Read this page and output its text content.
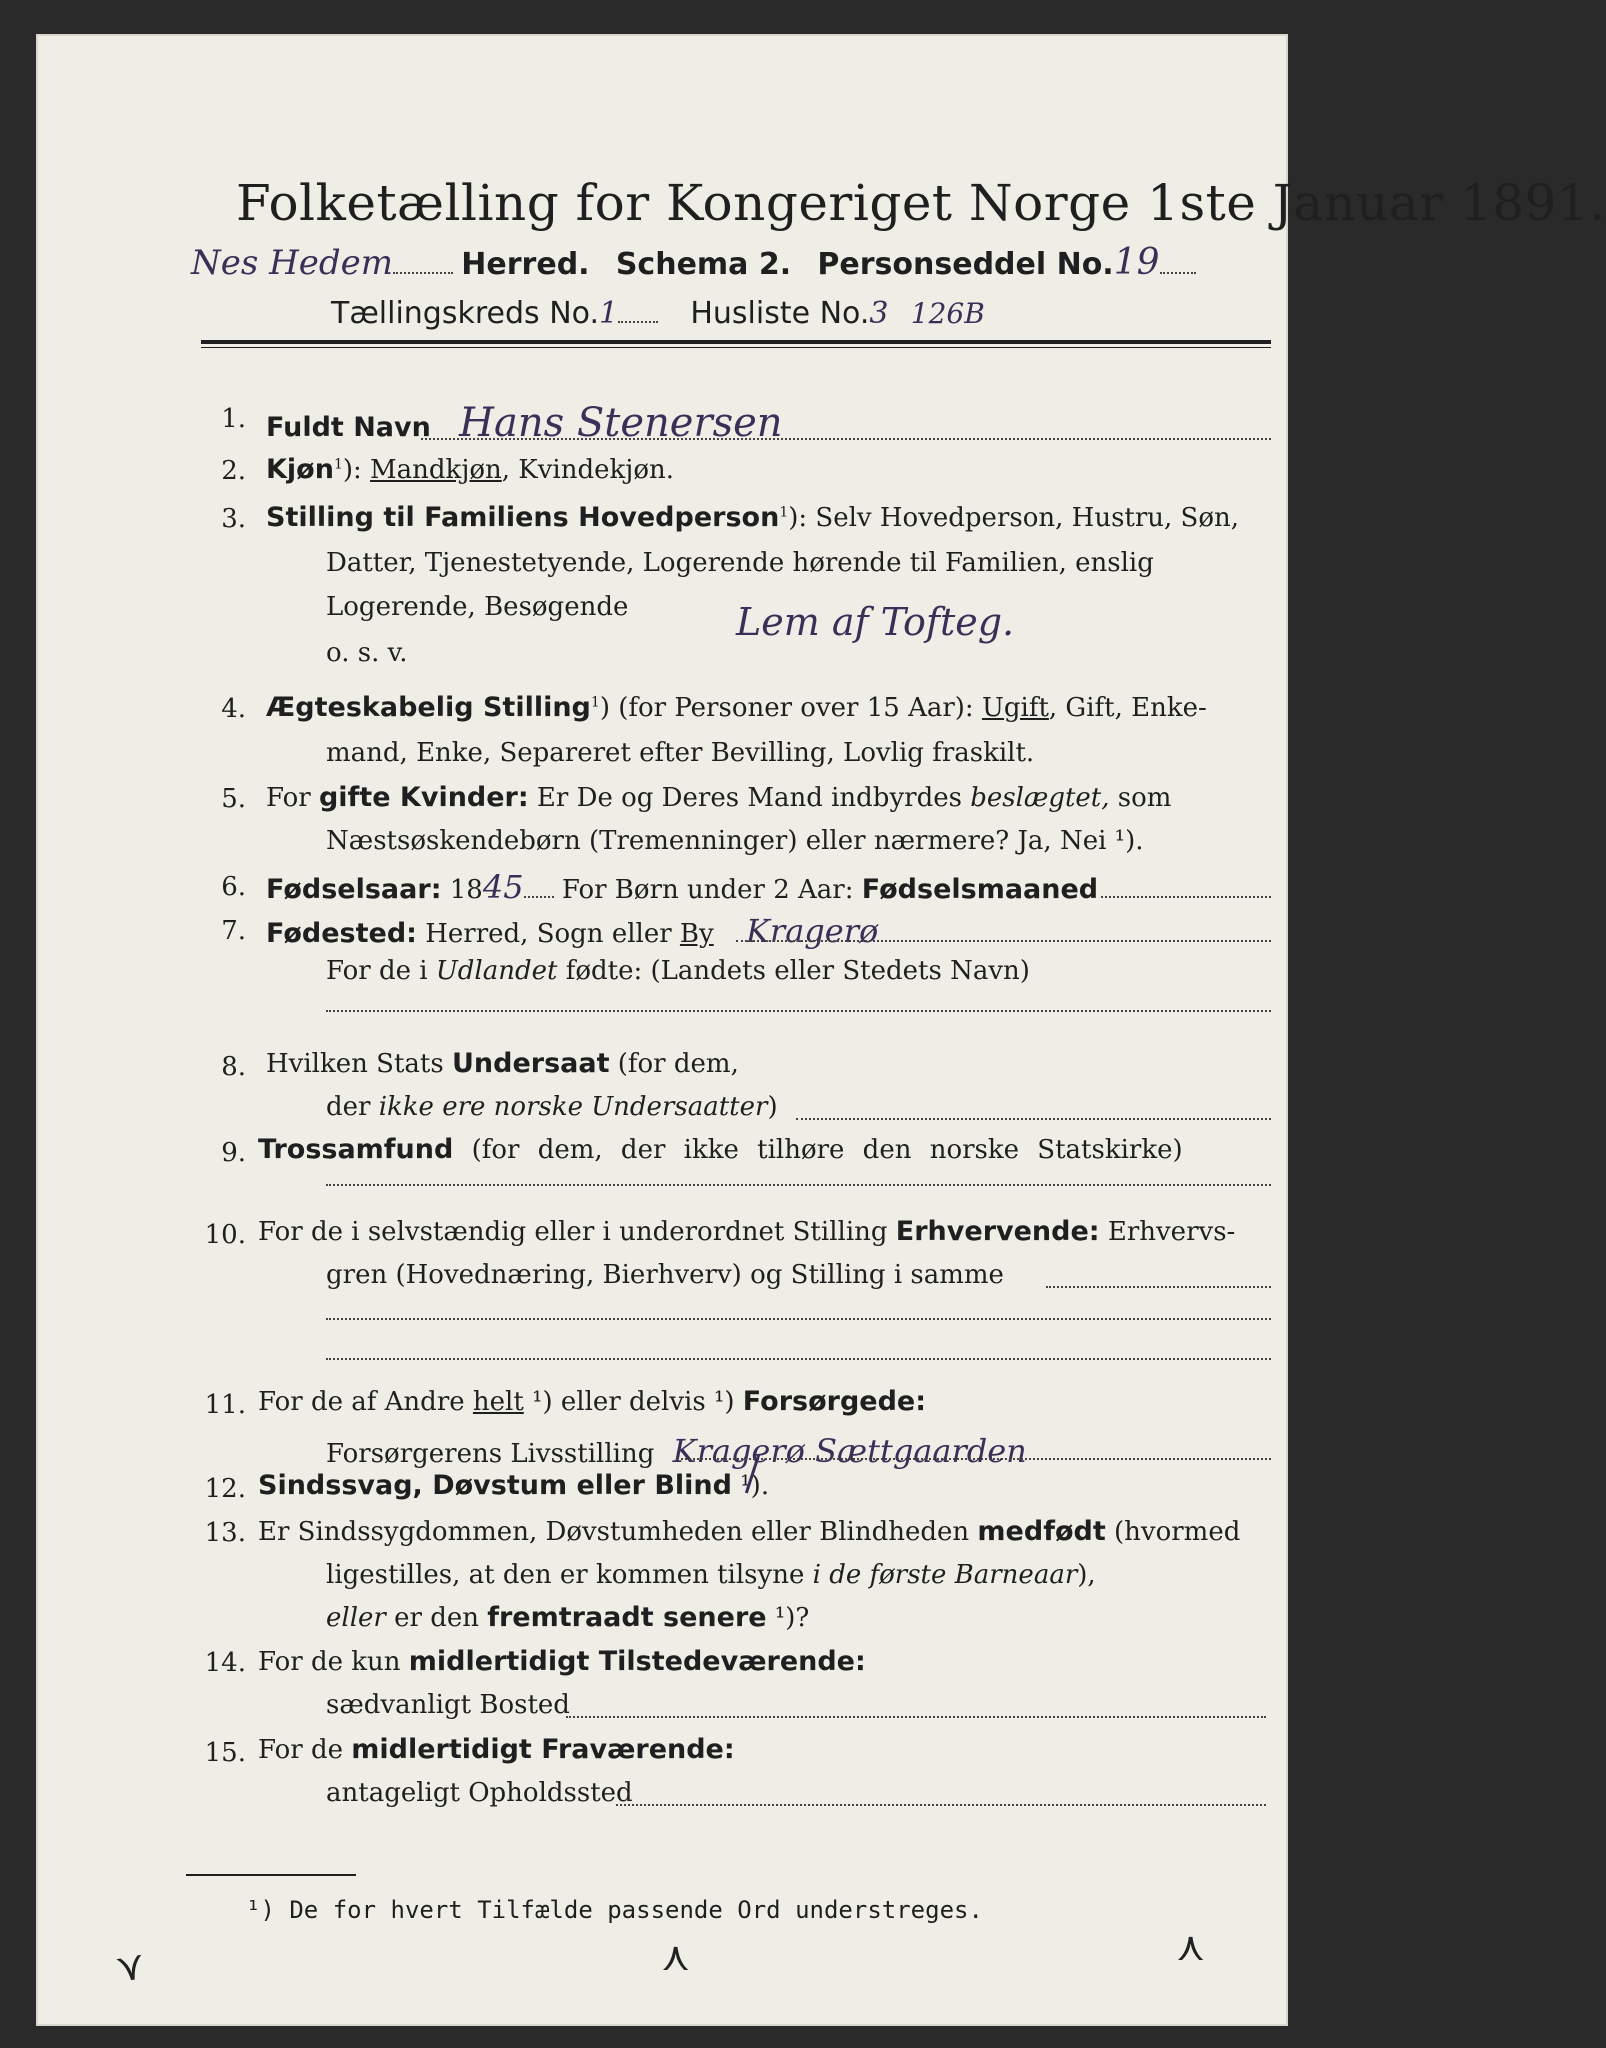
Folketælling for Kongeriget Norge 1ste Januar 1891.
Nes Hedem Herred. Schema 2. Personseddel No.19
Tællingskreds No.1 Husliste No.3 126B
1. Fuldt Navn Hans Stenersen
2. Kjøn$^1$): Mandkjøn, Kvindekjøn.
3. Stilling til Familiens Hovedperson$^1$): Selv Hovedperson, Hustru, Søn,
Datter, Tjenestetyende, Logerende hørende til Familien, enslig
Logerende, Besøgende
o. s. v.
Lem af Tofteg.
4. Ægteskabelig Stilling$^1$) (for Personer over 15 Aar): Ugift, Gift, Enke-
mand, Enke, Separeret efter Bevilling, Lovlig fraskilt.
5. For gifte Kvinder: Er De og Deres Mand indbyrdes beslægtet, som
Næstsøskendebørn (Tremenninger) eller nærmere? Ja, Nei ¹).
6. Fødselsaar: 1845 For Børn under 2 Aar: Fødselsmaaned
7. Fødested: Herred, Sogn eller By Kragerø
For de i Udlandet fødte: (Landets eller Stedets Navn)
8. Hvilken Stats Undersaat (for dem,
der ikke ere norske Undersaatter)
9. Trossamfund (for dem, der ikke tilhøre den norske Statskirke)
10. For de i selvstændig eller i underordnet Stilling Erhvervende: Erhvervs-
gren (Hovednæring, Bierhverv) og Stilling i samme
11. For de af Andre helt ¹) eller delvis ¹) Forsørgede:
Forsørgerens Livsstilling Kragerø Sættgaarden
12. Sindssvag, Døvstum eller Blind ¹).
13. Er Sindssygdommen, Døvstumheden eller Blindheden medfødt (hvormed
ligestilles, at den er kommen tilsyne i de første Barneaar),
eller er den fremtraadt senere ¹)?
14. For de kun midlertidigt Tilstedeværende:
sædvanligt Bosted
15. For de midlertidigt Fraværende:
antageligt Opholdssted
¹) De for hvert Tilfælde passende Ord understreges.
⋎	⋏	⋏
